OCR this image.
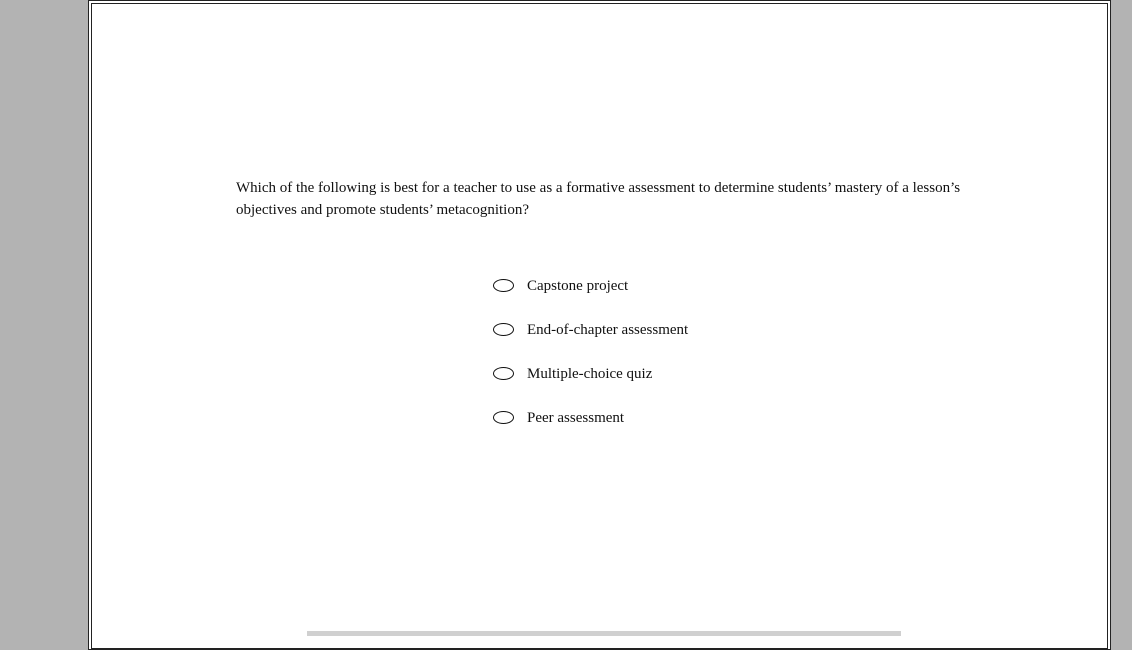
Which of the following is best for a teacher to use as a formative assessment to determine students’ mastery of a lesson’s objectives and promote students’ metacognition?
Capstone project
End-of-chapter assessment
Multiple-choice quiz
Peer assessment
